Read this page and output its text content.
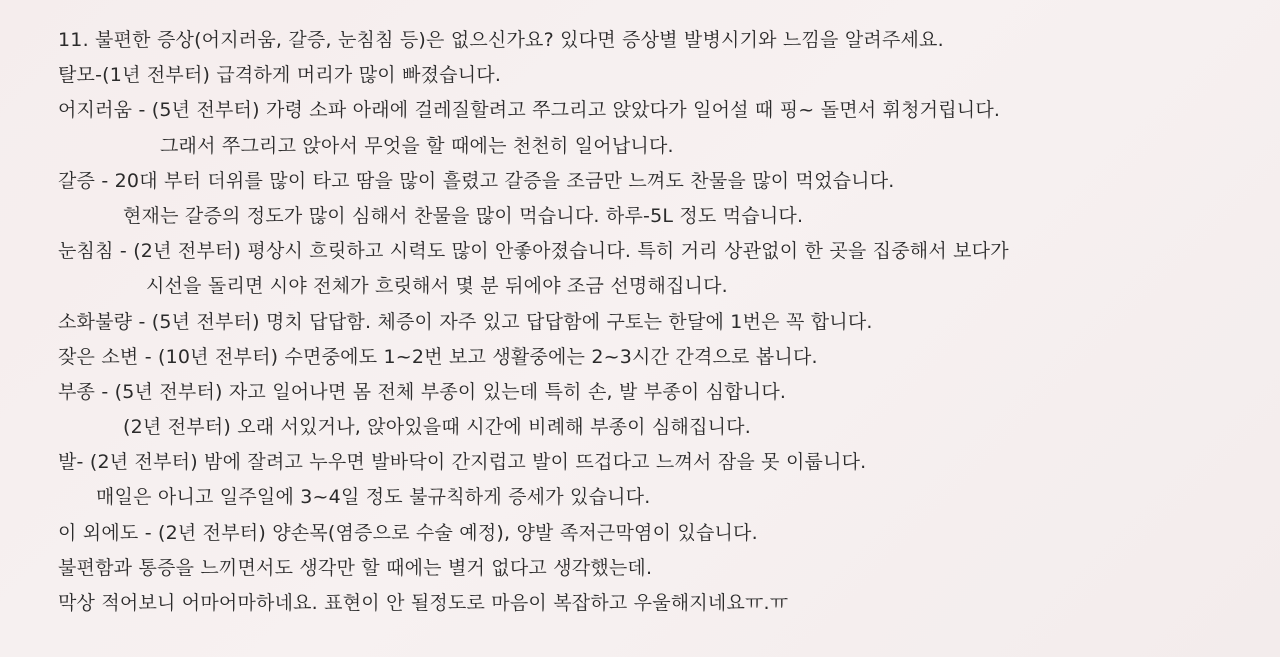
11. 불편한 증상(어지러움, 갈증, 눈침침 등)은 없으신가요? 있다면 증상별 발병시기와 느낌을 알려주세요.
탈모-(1년 전부터) 급격하게 머리가 많이 빠졌습니다.
어지러움 - (5년 전부터) 가령 소파 아래에 걸레질할려고 쭈그리고 앉았다가 일어설 때 핑~ 돌면서 휘청거립니다.
그래서 쭈그리고 앉아서 무엇을 할 때에는 천천히 일어납니다.
갈증 - 20대 부터 더위를 많이 타고 땀을 많이 흘렸고 갈증을 조금만 느껴도 찬물을 많이 먹었습니다.
현재는 갈증의 정도가 많이 심해서 찬물을 많이 먹습니다. 하루-5L 정도 먹습니다.
눈침침 - (2년 전부터) 평상시 흐릿하고 시력도 많이 안좋아졌습니다. 특히 거리 상관없이 한 곳을 집중해서 보다가
시선을 돌리면 시야 전체가 흐릿해서 몇 분 뒤에야 조금 선명해집니다.
소화불량 - (5년 전부터) 명치 답답함. 체증이 자주 있고 답답함에 구토는 한달에 1번은 꼭 합니다.
잦은 소변 - (10년 전부터) 수면중에도 1~2번 보고 생활중에는 2~3시간 간격으로 봅니다.
부종 - (5년 전부터) 자고 일어나면 몸 전체 부종이 있는데 특히 손, 발 부종이 심합니다.
(2년 전부터) 오래 서있거나, 앉아있을때 시간에 비례해 부종이 심해집니다.
발- (2년 전부터) 밤에 잘려고 누우면 발바닥이 간지럽고 발이 뜨겁다고 느껴서 잠을 못 이룹니다.
매일은 아니고 일주일에 3~4일 정도 불규칙하게 증세가 있습니다.
이 외에도 - (2년 전부터) 양손목(염증으로 수술 예정), 양발 족저근막염이 있습니다.
불편함과 통증을 느끼면서도 생각만 할 때에는 별거 없다고 생각했는데.
막상 적어보니 어마어마하네요. 표현이 안 될정도로 마음이 복잡하고 우울해지네요ㅠ.ㅠ
